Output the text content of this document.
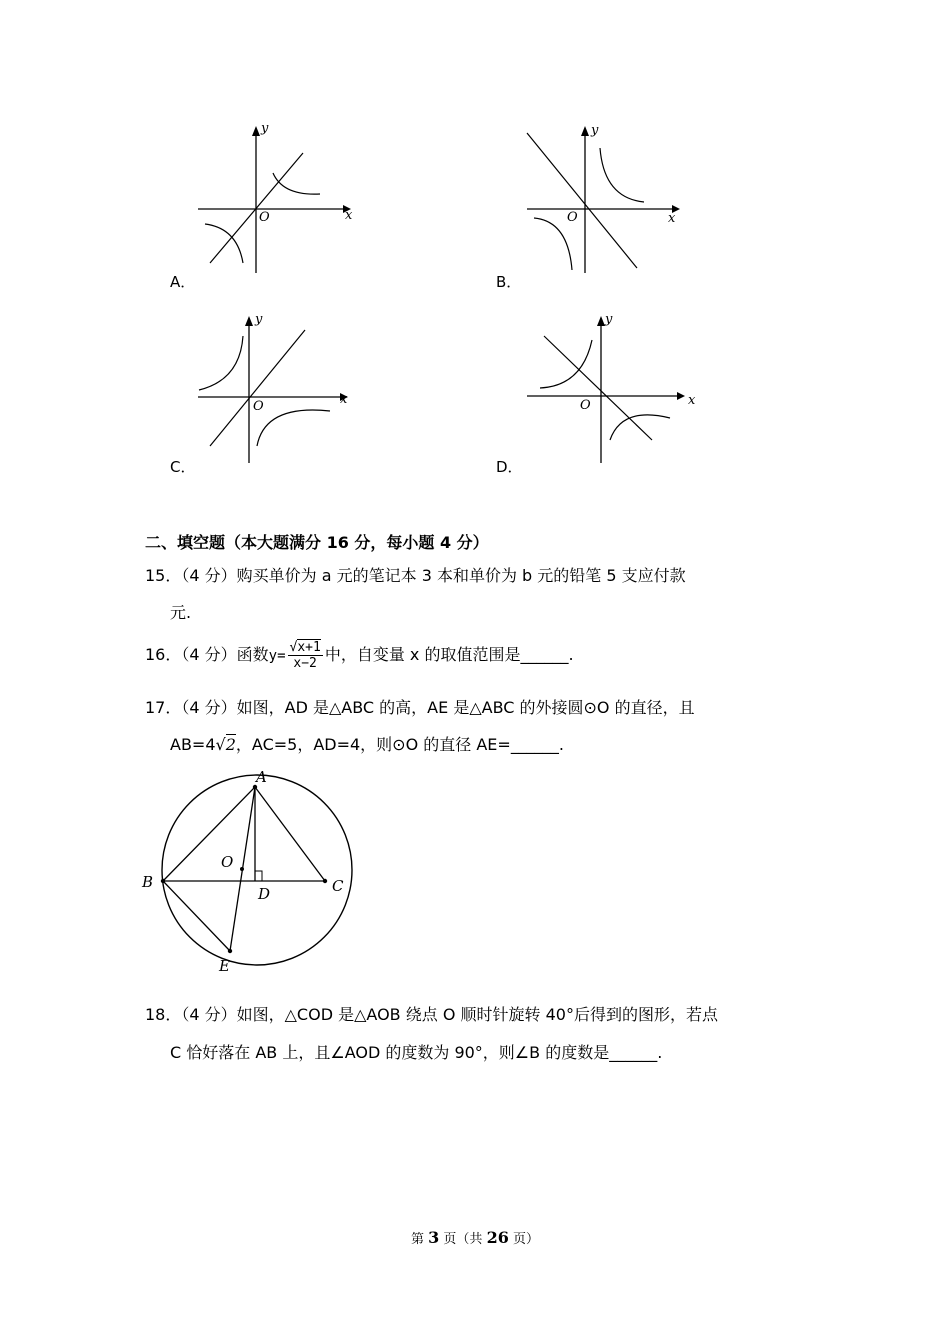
y
x
O
A．
y
x
O
B．
y
x
O
C．
y
x
O
D．
二、填空题（本大题满分 16 分，每小题 4 分）
15．（4 分）购买单价为 a 元的笔记本 3 本和单价为 b 元的铅笔 5 支应付款
元.
16．（4 分）函数$y= \frac{√x+1}{x-2}$ 中，自变量 x 的取值范围是______.
17．（4 分）如图，AD 是△ABC 的高，AE 是△ABC 的外接圆⊙O 的直径，且
AB=4√2，AC=5，AD=4，则⊙O 的直径 AE=______.
A
B	C
D
E
O
18．（4 分）如图，△COD 是△AOB 绕点 O 顺时针旋转 40°后得到的图形，若点
C 恰好落在 AB 上，且∠AOD 的度数为 90°，则∠B 的度数是______.
第 3 页（共 26 页）
